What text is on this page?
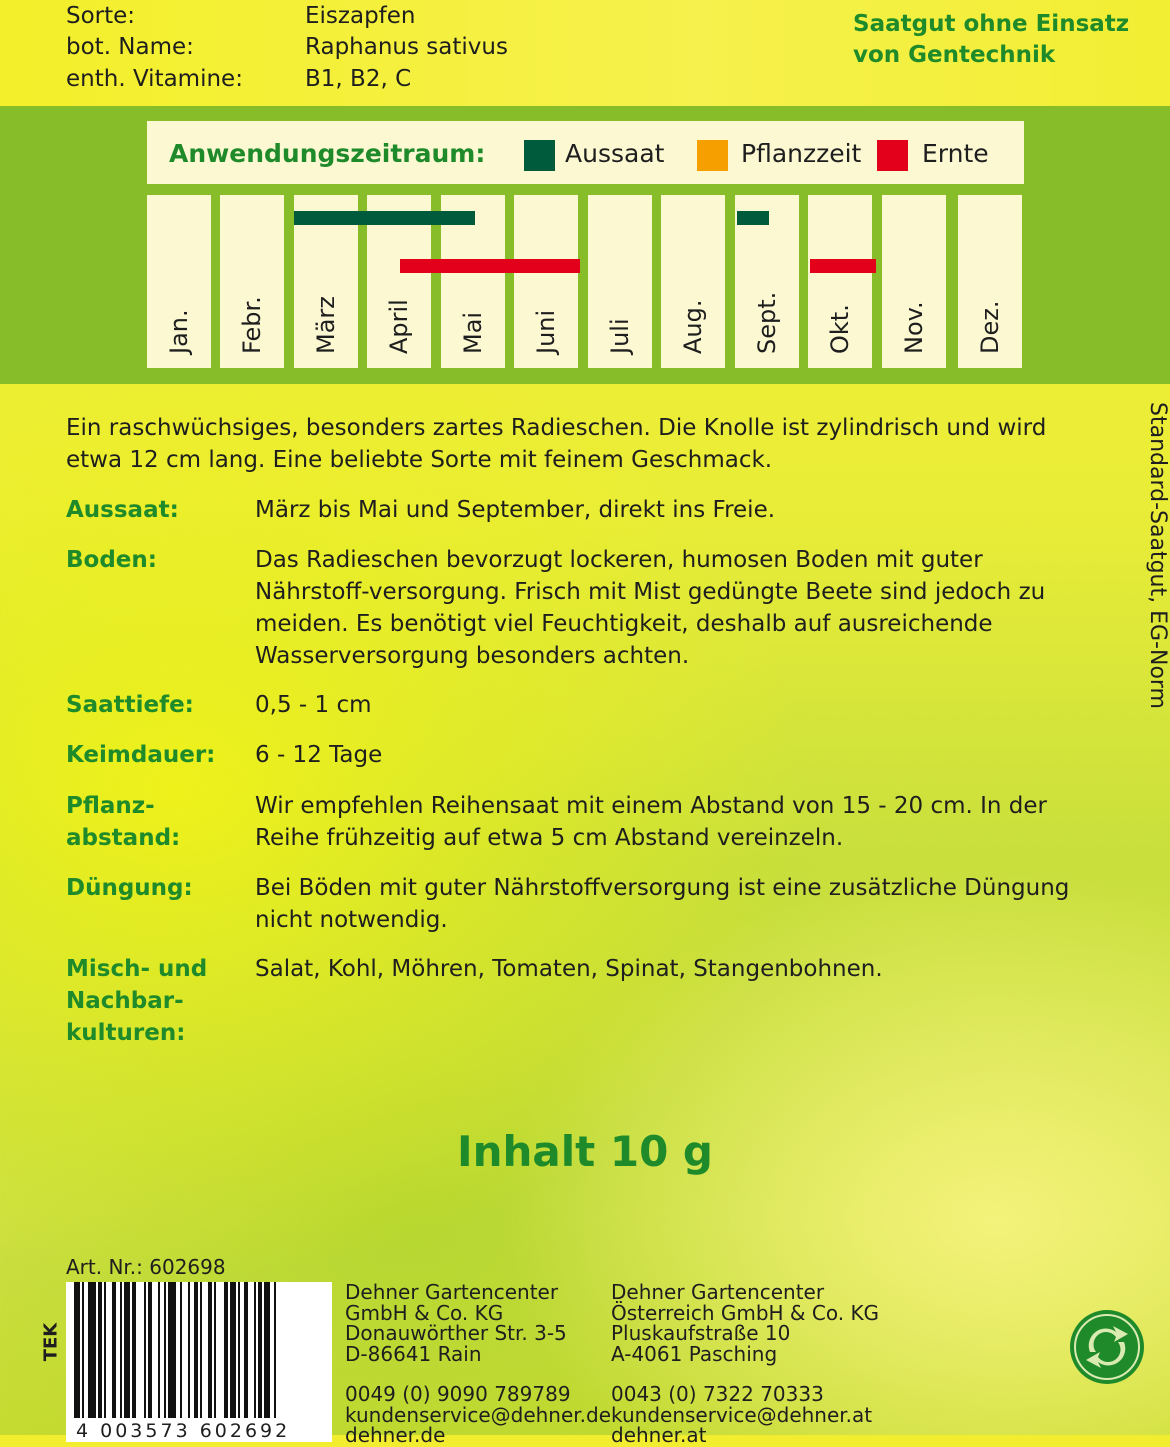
Sorte:	Eiszapfen
bot. Name:	Raphanus sativus
enth. Vitamine:	B1, B2, C
Saatgut ohne Einsatz
von Gentechnik
Anwendungszeitraum:	Aussaat	Pflanzzeit Ernte
Jan. Febr. März April Mai Juni Juli Aug. Sept. Okt. Nov. Dez.
Standard-Saatgut, EG-Norm
Ein raschwüchsiges, besonders zartes Radieschen. Die Knolle ist zylindrisch und wird etwa 12 cm lang. Eine beliebte Sorte mit feinem Geschmack.
Aussaat:	März bis Mai und September, direkt ins Freie.
Boden:	Das Radieschen bevorzugt lockeren, humosen Boden mit guter Nährstoff-versorgung. Frisch mit Mist gedüngte Beete sind jedoch zu meiden. Es benötigt viel Feuchtigkeit, deshalb auf ausreichende Wasserversorgung besonders achten.
Saattiefe:	0,5 - 1 cm
Keimdauer: 6 - 12 Tage
Pflanz-
abstand:
Wir empfehlen Reihensaat mit einem Abstand von 15 - 20 cm. In der Reihe frühzeitig auf etwa 5 cm Abstand vereinzeln.
Düngung:	Bei Böden mit guter Nährstoffversorgung ist eine zusätzliche Düngung nicht notwendig.
Misch- und
Nachbar-
kulturen:
Salat, Kohl, Möhren, Tomaten, Spinat, Stangenbohnen.
Inhalt 10 g
Art. Nr.: 602698
TEK
4 003573 602692
Dehner Gartencenter
GmbH & Co. KG
Donauwörther Str. 3-5
D-86641 Rain
0049 (0) 9090 789789
kundenservice@dehner.de
dehner.de
Dehner Gartencenter
Österreich GmbH & Co. KG
Pluskaufstraße 10
A-4061 Pasching
0043 (0) 7322 70333
kundenservice@dehner.at
dehner.at
